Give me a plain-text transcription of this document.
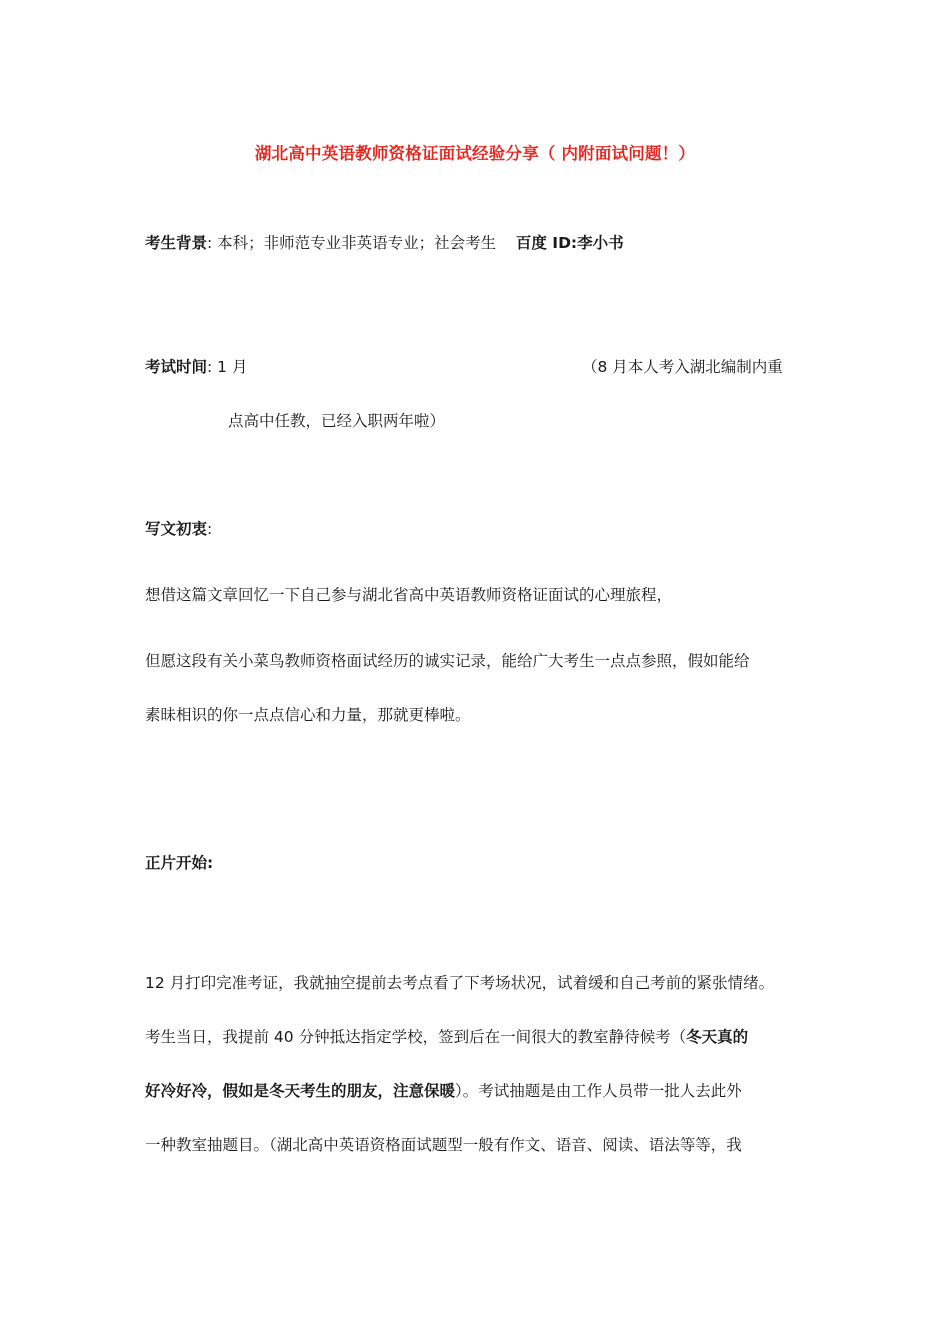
湖北高中英语教师资格证面试经验分享（ 内附面试问题！）
考生背景: 本科；非师范专业非英语专业；社会考生 百度 ID:李小书
考试时间: 1 月	（8 月本人考入湖北编制内重
点高中任教，已经入职两年啦）
写文初衷:
想借这篇文章回忆一下自己参与湖北省高中英语教师资格证面试的心理旅程，
但愿这段有关小菜鸟教师资格面试经历的诚实记录，能给广大考生一点点参照，假如能给
素昧相识的你一点点信心和力量，那就更棒啦。
正片开始:
12 月打印完准考证，我就抽空提前去考点看了下考场状况，试着缓和自己考前的紧张情绪。
考生当日，我提前 40 分钟抵达指定学校，签到后在一间很大的教室静待候考（冬天真的
好冷好冷，假如是冬天考生的朋友，注意保暖）。考试抽题是由工作人员带一批人去此外
一种教室抽题目。（湖北高中英语资格面试题型一般有作文、语音、阅读、语法等等，我
